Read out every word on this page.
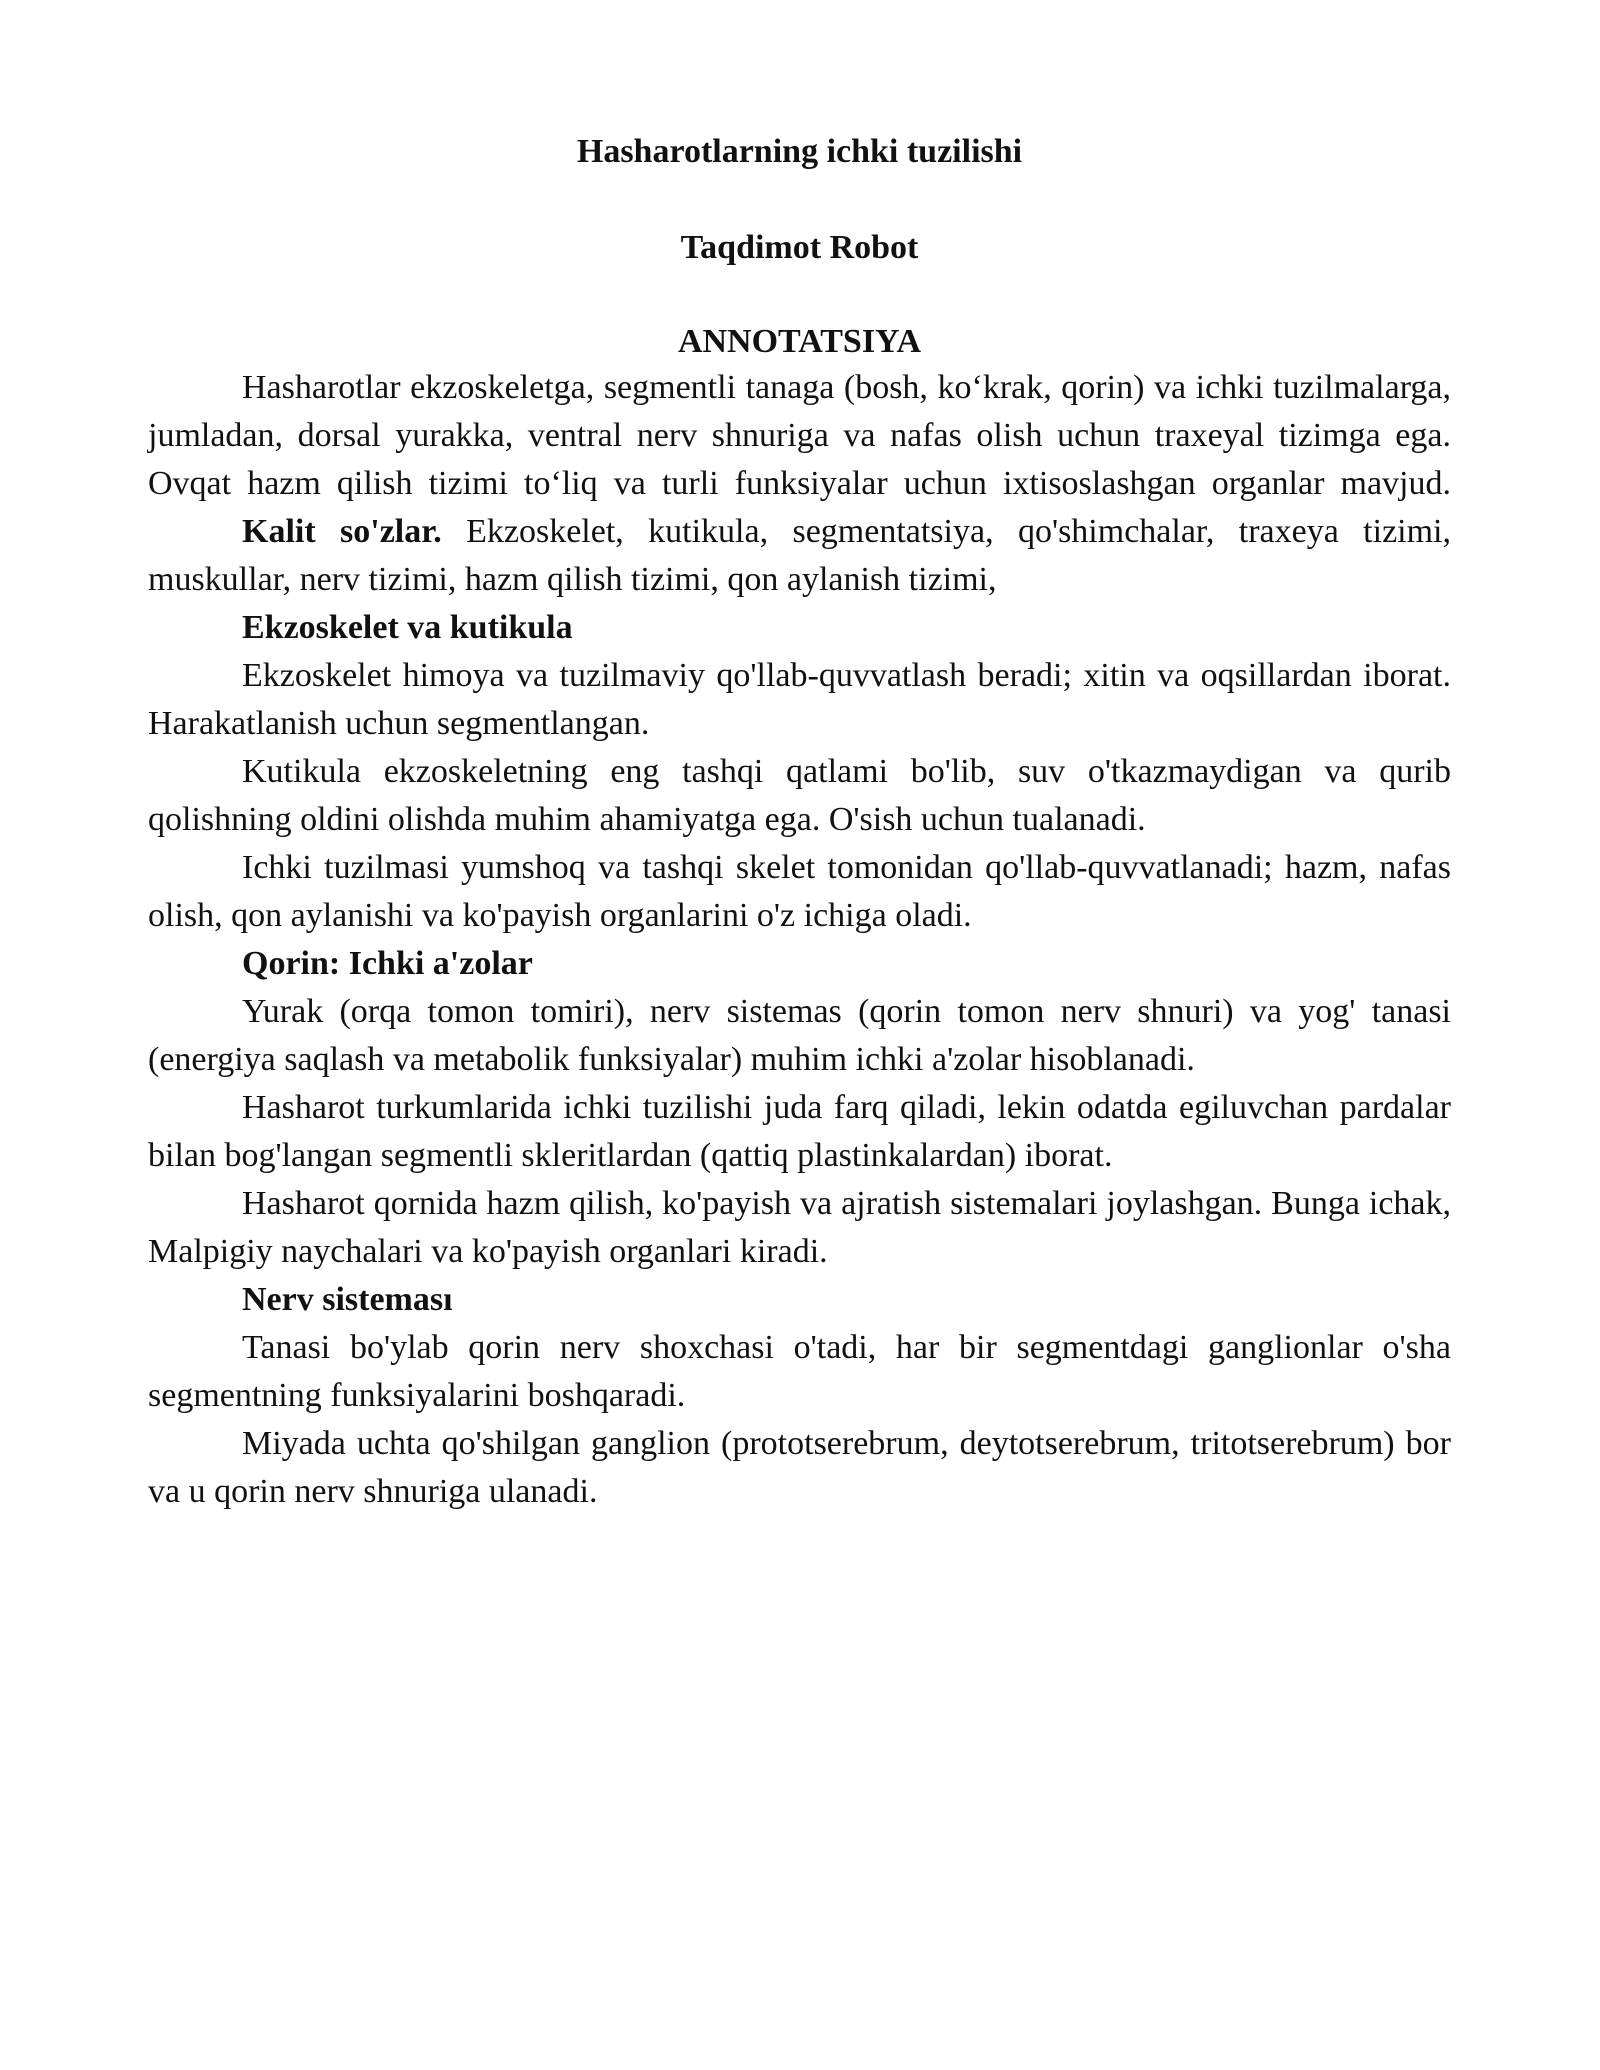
Hasharotlarning ichki tuzilishi

Taqdimot Robot

ANNOTATSIYA

Hasharotlar ekzoskeletga, segmentli tanaga (bosh, ko‘krak, qorin) va ichki tuzilmalarga, jumladan, dorsal yurakka, ventral nerv shnuriga va nafas olish uchun traxeyal tizimga ega. Ovqat hazm qilish tizimi to‘liq va turli funksiyalar uchun ixtisoslashgan organlar mavjud.

Kalit so'zlar. Ekzoskelet, kutikula, segmentatsiya, qo'shimchalar, traxeya tizimi, muskullar, nerv tizimi, hazm qilish tizimi, qon aylanish tizimi,

Ekzoskelet va kutikula

Ekzoskelet himoya va tuzilmaviy qo'llab-quvvatlash beradi; xitin va oqsillardan iborat. Harakatlanish uchun segmentlangan.

Kutikula ekzoskeletning eng tashqi qatlami bo'lib, suv o'tkazmaydigan va qurib qolishning oldini olishda muhim ahamiyatga ega. O'sish uchun tualanadi.

Ichki tuzilmasi yumshoq va tashqi skelet tomonidan qo'llab-quvvatlanadi; hazm, nafas olish, qon aylanishi va ko'payish organlarini o'z ichiga oladi.

Qorin: Ichki a'zolar

Yurak (orqa tomon tomiri), nerv sistemas (qorin tomon nerv shnuri) va yog' tanasi (energiya saqlash va metabolik funksiyalar) muhim ichki a'zolar hisoblanadi.

Hasharot turkumlarida ichki tuzilishi juda farq qiladi, lekin odatda egiluvchan pardalar bilan bog'langan segmentli skleritlardan (qattiq plastinkalardan) iborat.

Hasharot qornida hazm qilish, ko'payish va ajratish sistemalari joylashgan. Bunga ichak, Malpigiy naychalari va ko'payish organlari kiradi.

Nerv sisteması

Tanasi bo'ylab qorin nerv shoxchasi o'tadi, har bir segmentdagi ganglionlar o'sha segmentning funksiyalarini boshqaradi.

Miyada uchta qo'shilgan ganglion (prototserebrum, deytotserebrum, tritotserebrum) bor va u qorin nerv shnuriga ulanadi.
